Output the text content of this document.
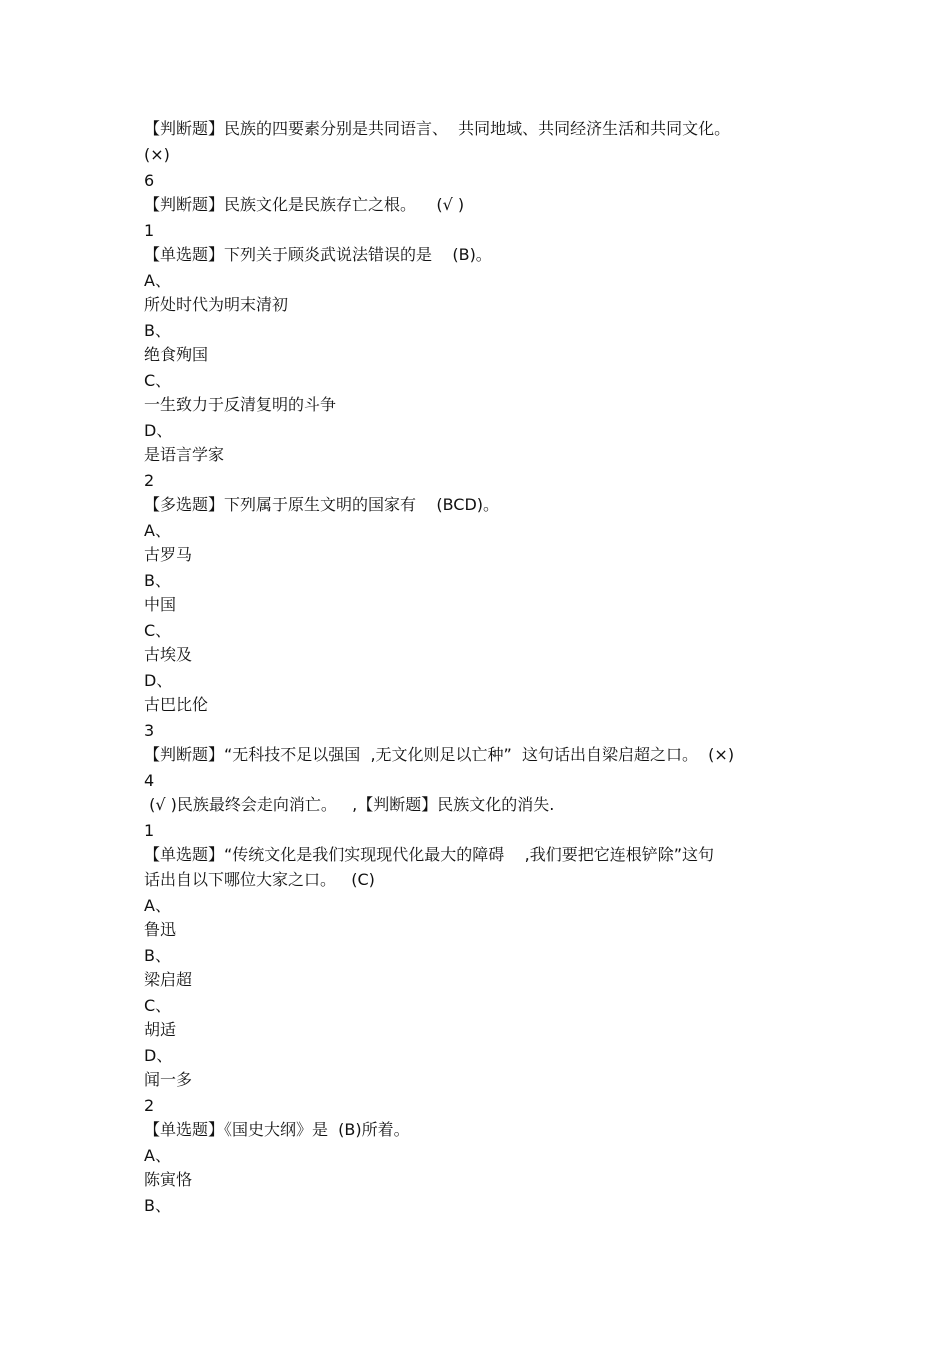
【判断题】民族的四要素分别是共同语言、  共同地域、共同经济生活和共同文化。
(×)
6
【判断题】民族文化是民族存亡之根。    (√ )
1
【单选题】下列关于顾炎武说法错误的是    (B)。
A、
所处时代为明末清初
B、
绝食殉国
C、
一生致力于反清复明的斗争
D、
是语言学家
2
【多选题】下列属于原生文明的国家有    (BCD)。
A、
古罗马
B、
中国
C、
古埃及
D、
古巴比伦
3
【判断题】“无科技不足以强国  ,无文化则足以亡种”  这句话出自梁启超之口。  (×)
4
(√ )民族最终会走向消亡。   ,【判断题】民族文化的消失.
1
【单选题】“传统文化是我们实现现代化最大的障碍    ,我们要把它连根铲除”这句
话出自以下哪位大家之口。   (C)
A、
鲁迅
B、
梁启超
C、
胡适
D、
闻一多
2
【单选题】《国史大纲》是  (B)所着。
A、
陈寅恪
B、
